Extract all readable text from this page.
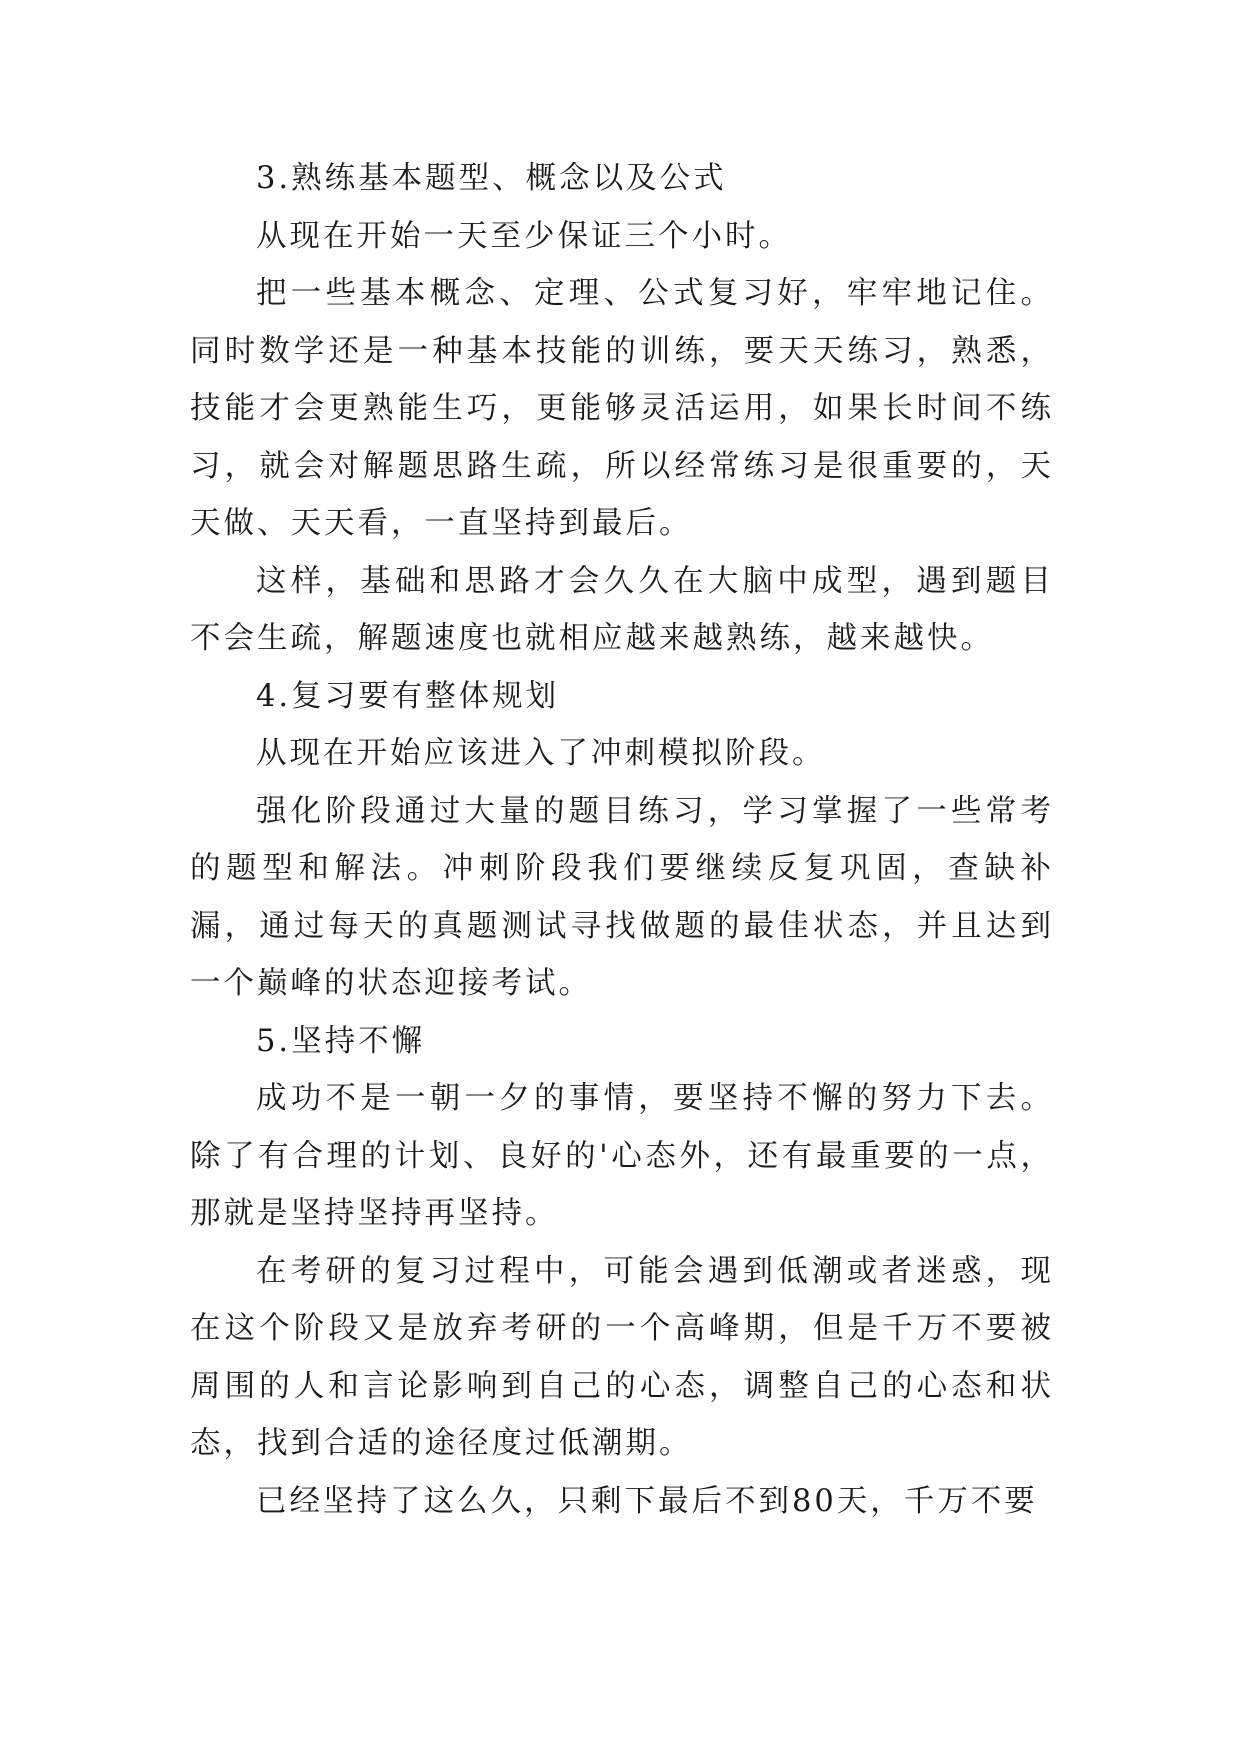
3.熟练基本题型、概念以及公式

从现在开始一天至少保证三个小时。

把一些基本概念、定理、公式复习好，牢牢地记住。同时数学还是一种基本技能的训练，要天天练习，熟悉，技能才会更熟能生巧，更能够灵活运用，如果长时间不练习，就会对解题思路生疏，所以经常练习是很重要的，天天做、天天看，一直坚持到最后。

这样，基础和思路才会久久在大脑中成型，遇到题目不会生疏，解题速度也就相应越来越熟练，越来越快。

4.复习要有整体规划

从现在开始应该进入了冲刺模拟阶段。

强化阶段通过大量的题目练习，学习掌握了一些常考的题型和解法。冲刺阶段我们要继续反复巩固，查缺补漏，通过每天的真题测试寻找做题的最佳状态，并且达到一个巅峰的状态迎接考试。

5.坚持不懈

成功不是一朝一夕的事情，要坚持不懈的努力下去。除了有合理的计划、良好的'心态外，还有最重要的一点，那就是坚持坚持再坚持。

在考研的复习过程中，可能会遇到低潮或者迷惑，现在这个阶段又是放弃考研的一个高峰期，但是千万不要被周围的人和言论影响到自己的心态，调整自己的心态和状态，找到合适的途径度过低潮期。

已经坚持了这么久，只剩下最后不到80天，千万不要
